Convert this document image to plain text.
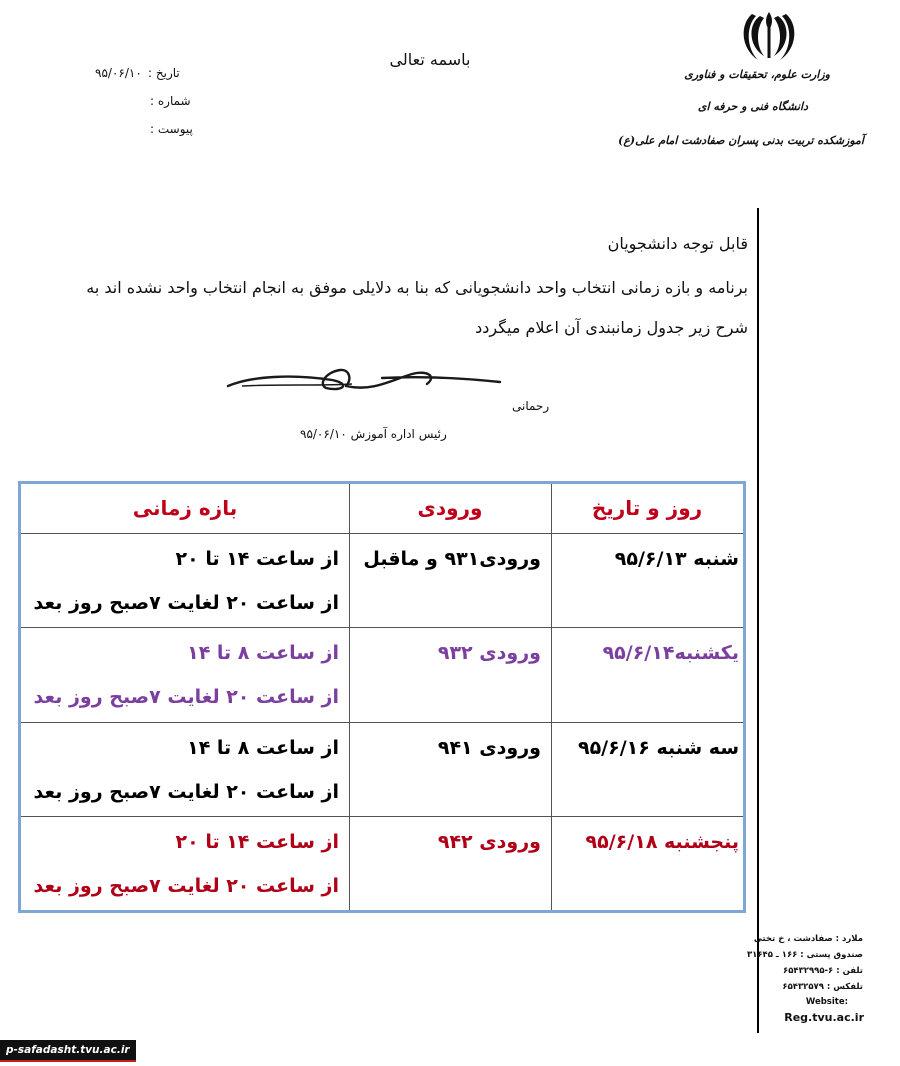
وزارت علوم، تحقیقات و فناوری
دانشگاه فنی و حرفه ای
آموزشکده تربیت بدنی پسران صفادشت امام علی(ع)
باسمه تعالی
تاریخ :
۹۵/۰۶/۱۰
شماره :
پیوست :
قابل توجه دانشجویان
برنامه و بازه زمانی انتخاب واحد دانشجویانی که بنا به دلایلی موفق به انجام انتخاب واحد نشده اند به
شرح زیر جدول زمانبندی آن اعلام میگردد
رحمانی
رئیس اداره آموزش ۹۵/۰۶/۱۰
روز و تاریخ
ورودی
بازه زمانی
شنبه ۹۵/۶/۱۳
ورودی۹۳۱ و ماقبل
از ساعت ۱۴ تا ۲۰
از ساعت ۲۰ لغایت ۷صبح روز بعد
یکشنبه۹۵/۶/۱۴
ورودی ۹۳۲
از ساعت ۸ تا ۱۴
از ساعت ۲۰ لغایت ۷صبح روز بعد
سه شنبه ۹۵/۶/۱۶
ورودی ۹۴۱
از ساعت ۸ تا ۱۴
از ساعت ۲۰ لغایت ۷صبح روز بعد
پنجشنبه ۹۵/۶/۱۸
ورودی ۹۴۲
از ساعت ۱۴ تا ۲۰
از ساعت ۲۰ لغایت ۷صبح روز بعد
ملارد : صفادشت ، خ تختی
صندوق پستی : ۱۶۶ ـ ۳۱۶۴۵
تلفن : ۶-۶۵۴۳۲۹۹۵
تلفکس : ۶۵۴۳۲۵۷۹
Website:
Reg.tvu.ac.ir
p-safadasht.tvu.ac.ir
